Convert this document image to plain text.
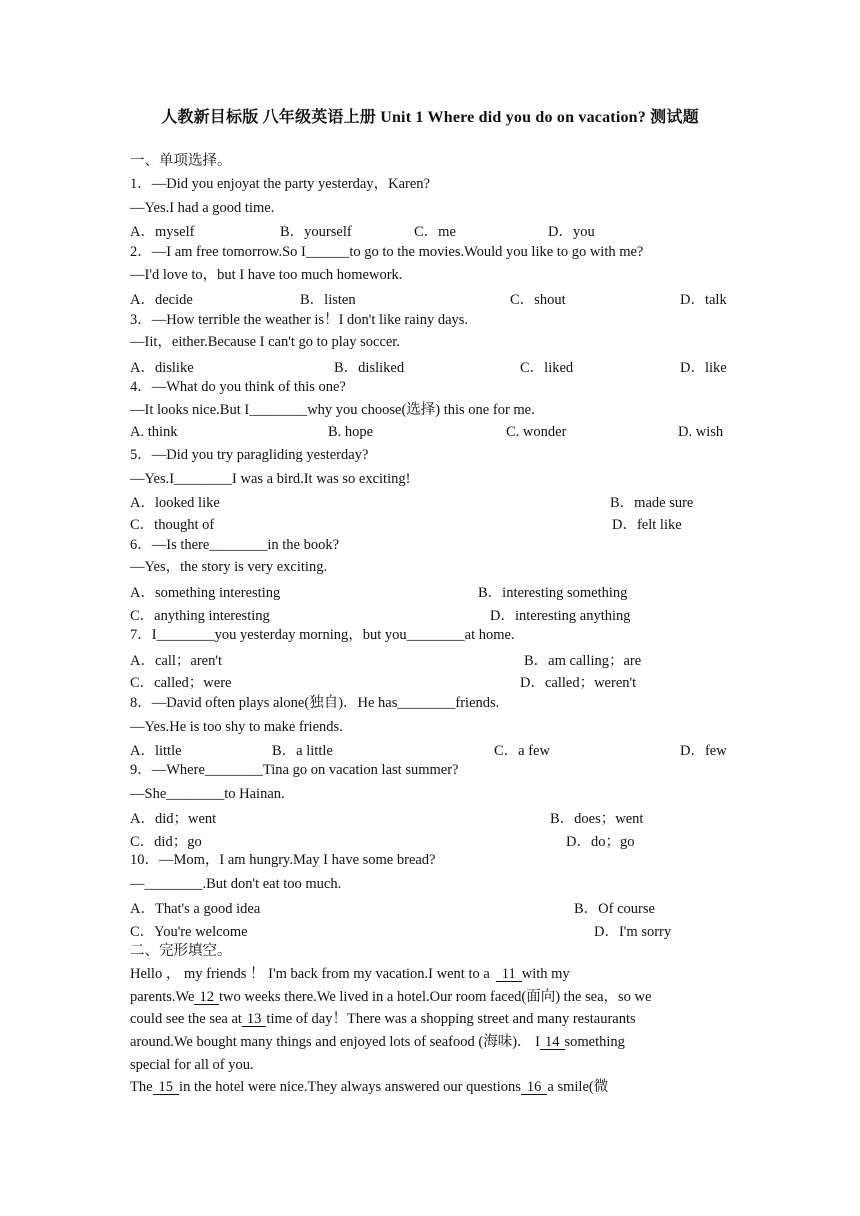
人教新目标版 八年级英语上册 Unit 1 Where did you do on vacation? 测试题
一、单项选择。
1．—Did you enjoyat the party yesterday，Karen?
—Yes.I had a good time.
A．myself	B．yourself	C．me	D．you
2．—I am free tomorrow.So I______to go to the movies.Would you like to go with me?
—I'd love to，but I have too much homework.
A．decide	B．listen	C．shout	D．talk
3．—How terrible the weather is！I don't like rainy days.
—Iit，either.Because I can't go to play soccer.
A．dislike	B．disliked	C．liked	D．like
4．—What do you think of this one?
—It looks nice.But I________why you choose(选择) this one for me.
A. think	B. hope	C. wonder	D. wish
5．—Did you try paragliding yesterday?
—Yes.I________I was a bird.It was so exciting!
A．looked like	B．made sure
C．thought of	D．felt like
6．—Is there________in the book?
—Yes，the story is very exciting.
A．something interesting	B．interesting something
C．anything interesting	D．interesting anything
7．I________you yesterday morning，but you________at home.
A．call；aren't	B．am calling；are
C．called；were	D．called；weren't
8．—David often plays alone(独自)．He has________friends.
—Yes.He is too shy to make friends.
A．little	B．a little	C．a few	D．few
9．—Where________Tina go on vacation last summer?
—She________to Hainan.
A．did；went	B．does；went
C．did；go	D．do；go
10．—Mom，I am hungry.May I have some bread?
—________.But don't eat too much.
A．That's a good idea	B．Of course
C．You're welcome	D．I'm sorry
二、完形填空。
Hello ， my friends ！ I'm back from my vacation.I went to a 11 with my
parents.We 12 two weeks there.We lived in a hotel.Our room faced(面向) the sea，so we
could see the sea at 13 time of day！There was a shopping street and many restaurants
around.We bought many things and enjoyed lots of seafood (海味)． I 14 something
special for all of you.
The 15 in the hotel were nice.They always answered our questions 16 a smile(微
